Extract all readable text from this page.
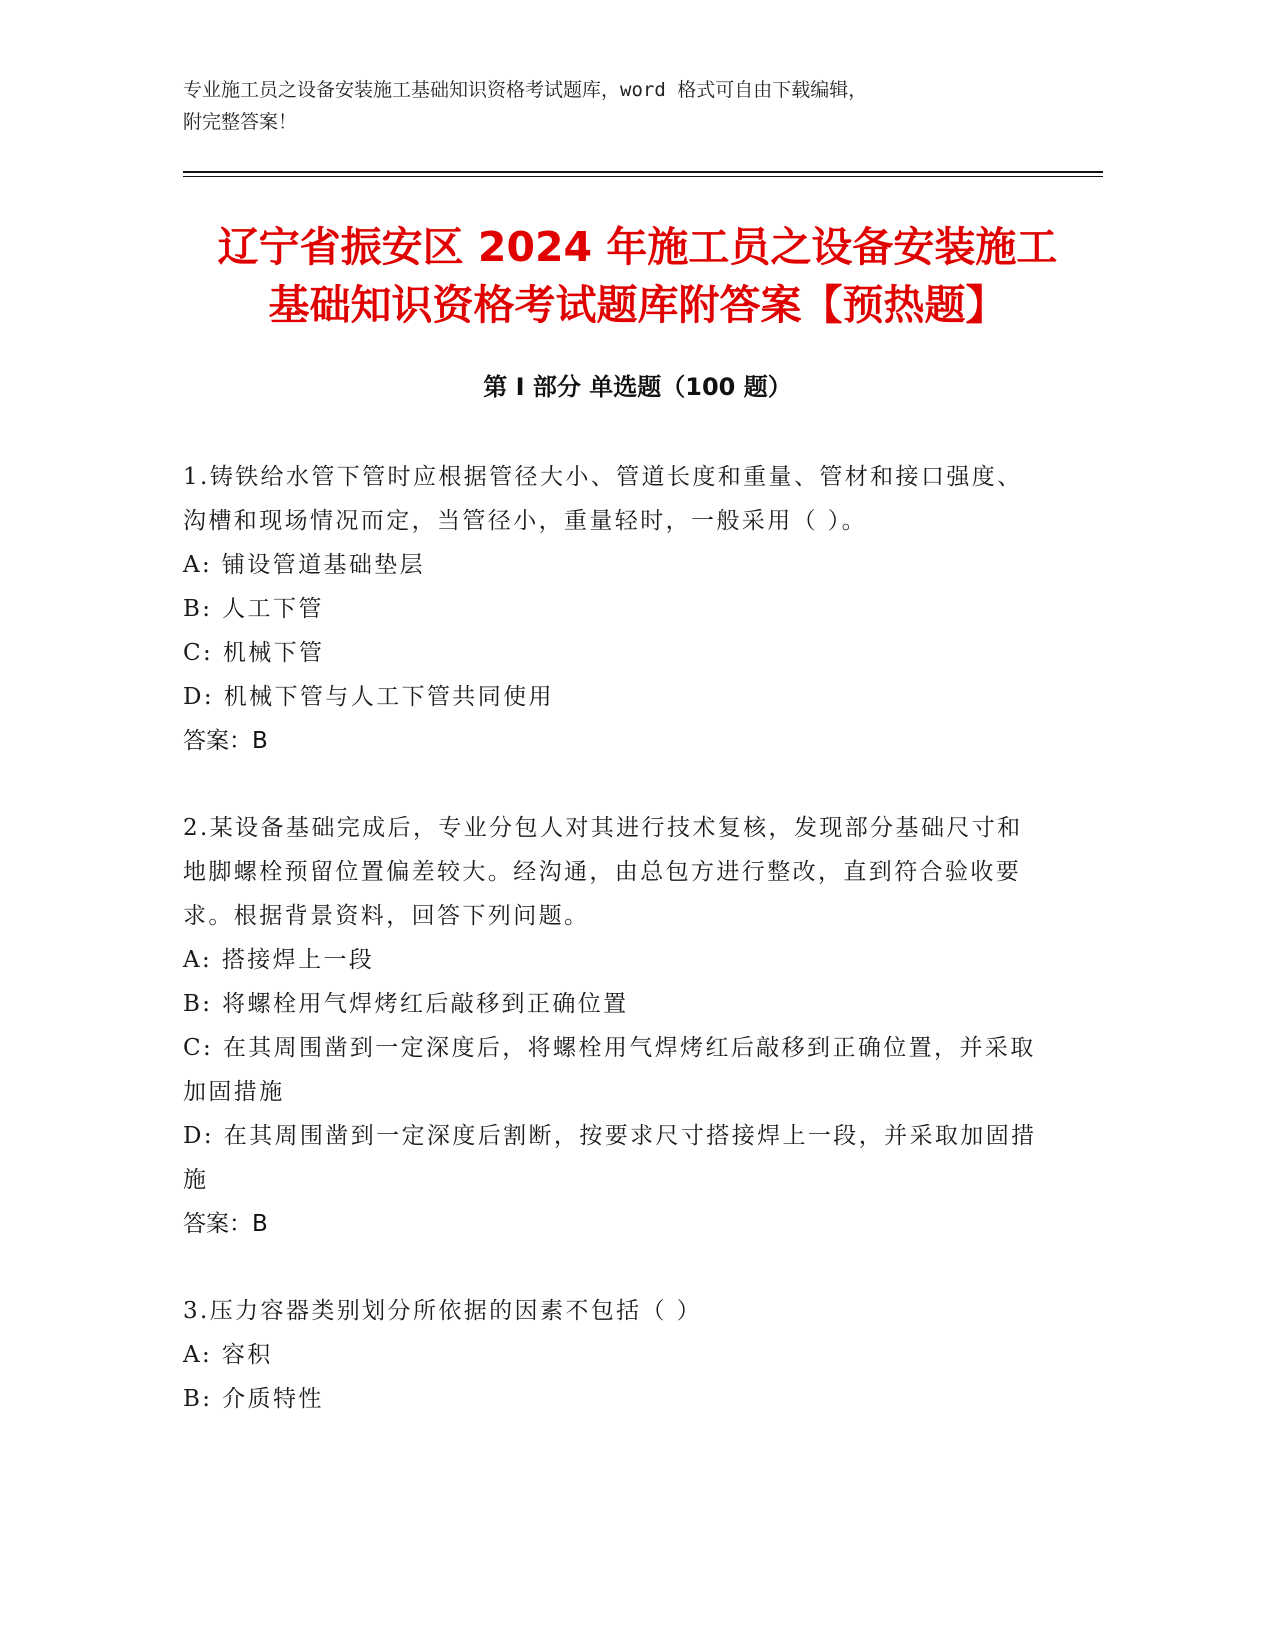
专业施工员之设备安装施工基础知识资格考试题库，word 格式可自由下载编辑，
附完整答案！
辽宁省振安区 2024 年施工员之设备安装施工
基础知识资格考试题库附答案【预热题】
第 I 部分 单选题（100 题）
1.铸铁给水管下管时应根据管径大小、管道长度和重量、管材和接口强度、沟槽和现场情况而定，当管径小，重量轻时，一般采用（ ）。
A: 铺设管道基础垫层
B: 人工下管
C: 机械下管
D: 机械下管与人工下管共同使用
答案：B
2.某设备基础完成后，专业分包人对其进行技术复核，发现部分基础尺寸和地脚螺栓预留位置偏差较大。经沟通，由总包方进行整改，直到符合验收要求。根据背景资料，回答下列问题。
A: 搭接焊上一段
B: 将螺栓用气焊烤红后敲移到正确位置
C: 在其周围凿到一定深度后，将螺栓用气焊烤红后敲移到正确位置，并采取加固措施
D: 在其周围凿到一定深度后割断，按要求尺寸搭接焊上一段，并采取加固措施
答案：B
3.压力容器类别划分所依据的因素不包括（ ）
A: 容积
B: 介质特性
